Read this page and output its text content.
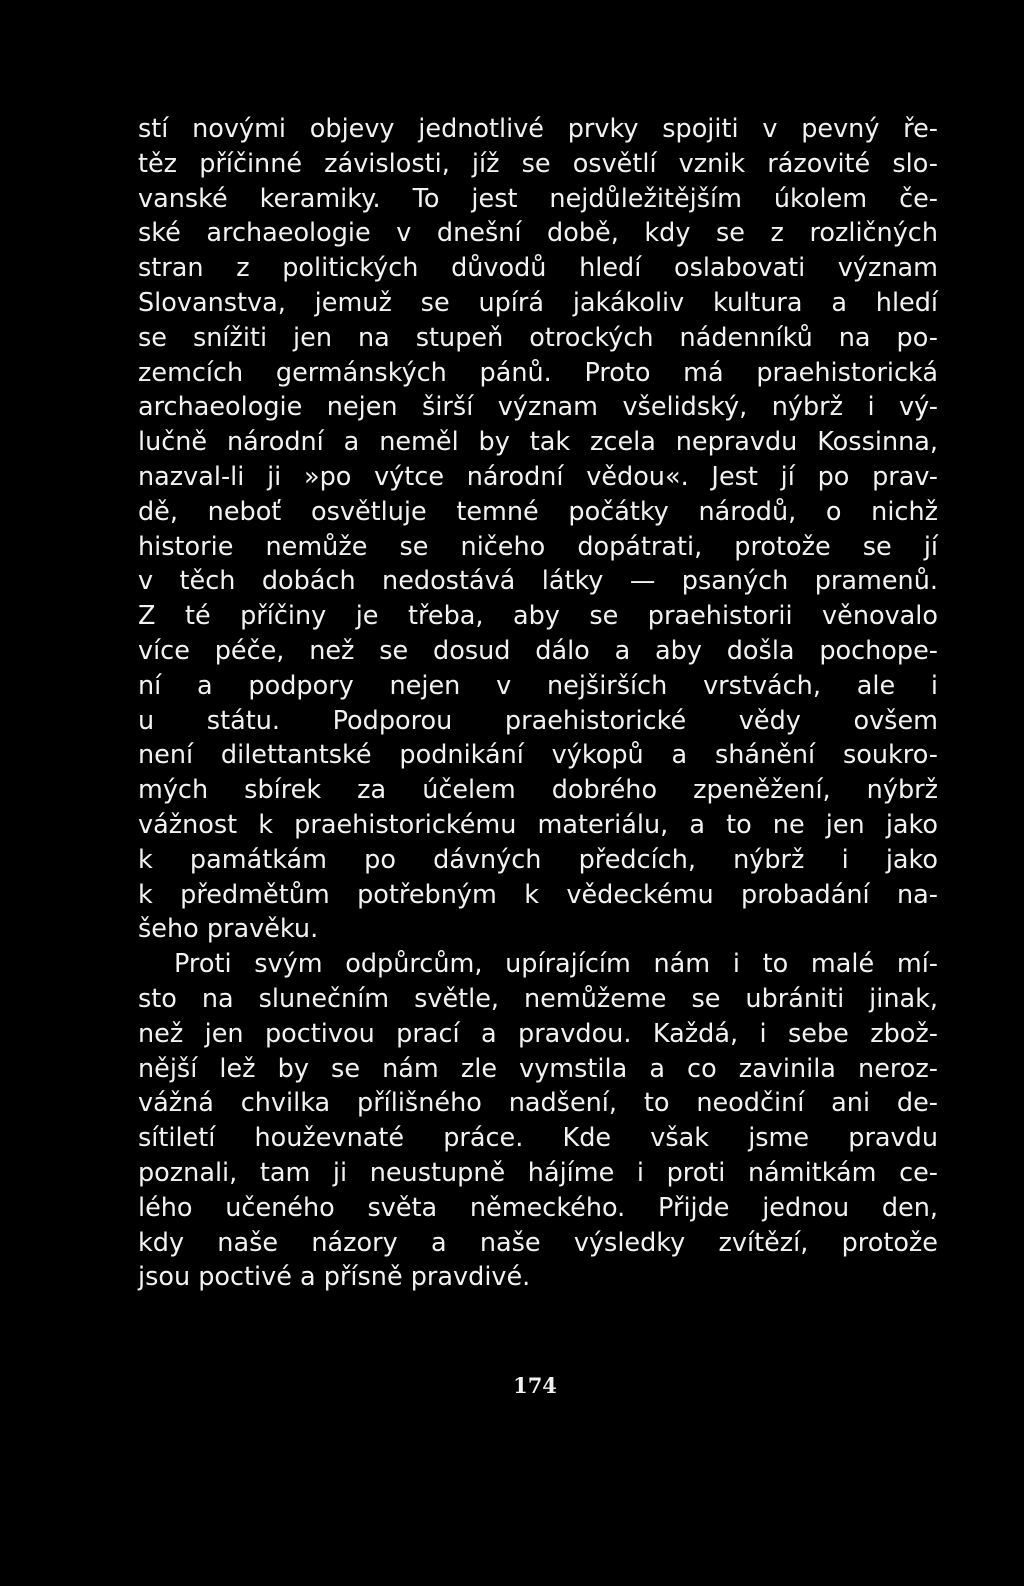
stí novými objevy jednotlivé prvky spojiti v pevný ře-
těz příčinné závislosti, jíž se osvětlí vznik rázovité slo-
vanské keramiky. To jest nejdůležitějším úkolem če-
ské archaeologie v dnešní době, kdy se z rozličných
stran z politických důvodů hledí oslabovati význam
Slovanstva, jemuž se upírá jakákoliv kultura a hledí
se snížiti jen na stupeň otrockých nádenníků na po-
zemcích germánských pánů. Proto má praehistorická
archaeologie nejen širší význam všelidský, nýbrž i vý-
lučně národní a neměl by tak zcela nepravdu Kossinna,
nazval-li ji »po výtce národní vědou«. Jest jí po prav-
dě, neboť osvětluje temné počátky národů, o nichž
historie nemůže se ničeho dopátrati, protože se jí
v těch dobách nedostává látky — psaných pramenů.
Z té příčiny je třeba, aby se praehistorii věnovalo
více péče, než se dosud dálo a aby došla pochope-
ní a podpory nejen v nejširších vrstvách, ale i
u státu. Podporou praehistorické vědy ovšem
není dilettantské podnikání výkopů a shánění soukro-
mých sbírek za účelem dobrého zpeněžení, nýbrž
vážnost k praehistorickému materiálu, a to ne jen jako
k památkám po dávných předcích, nýbrž i jako
k předmětům potřebným k vědeckému probadání na-
šeho pravěku.
Proti svým odpůrcům, upírajícím nám i to malé mí-
sto na slunečním světle, nemůžeme se ubrániti jinak,
než jen poctivou prací a pravdou. Každá, i sebe zbož-
nější lež by se nám zle vymstila a co zavinila neroz-
vážná chvilka přílišného nadšení, to neodčiní ani de-
sítiletí houževnaté práce. Kde však jsme pravdu
poznali, tam ji neustupně hájíme i proti námitkám ce-
lého učeného světa německého. Přijde jednou den,
kdy naše názory a naše výsledky zvítězí, protože
jsou poctivé a přísně pravdivé.
174
